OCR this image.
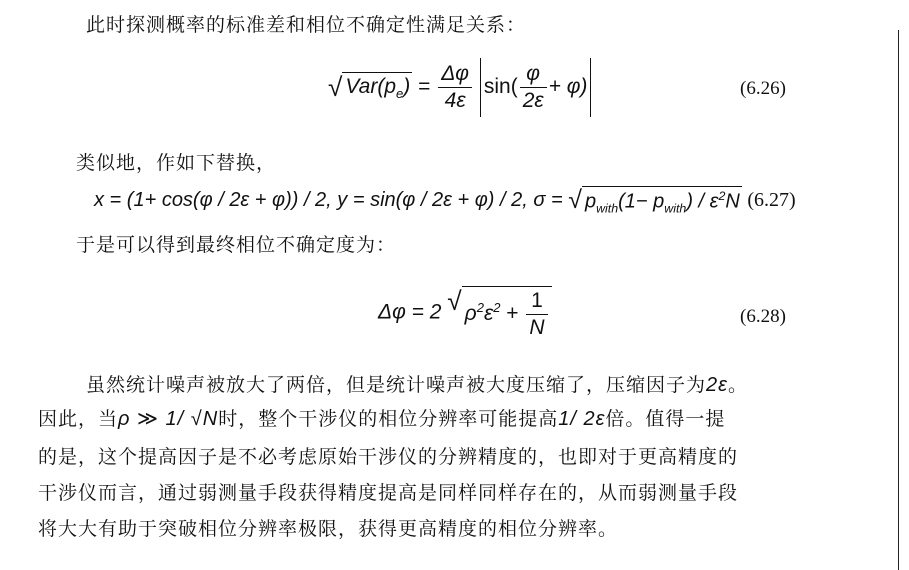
此时探测概率的标准差和相位不确定性满足关系：
√ $Var(p_e) = \frac{\Delta\varphi}{4\varepsilon} \sin( \frac{\varphi}{2\varepsilon} + \varphi)$	(6.26)
类似地，作如下替换，
x = (1+ cos(φ / 2ε + φ)) / 2, y = sin(φ / 2ε + φ) / 2, σ = √ $p_{with}(1- p_{with}) / \varepsilon^2N$ (6.27)
于是可以得到最终相位不确定度为：
Δφ = 2 √ $\rho^2\varepsilon^2 + \frac{1}{N}$	(6.28)
虽然统计噪声被放大了两倍，但是统计噪声被大度压缩了，压缩因子为2ε。
因此，当ρ ≫ 1/ √N时，整个干涉仪的相位分辨率可能提高1/ 2ε倍。值得一提
的是，这个提高因子是不必考虑原始干涉仪的分辨精度的，也即对于更高精度的
干涉仪而言，通过弱测量手段获得精度提高是同样同样存在的，从而弱测量手段
将大大有助于突破相位分辨率极限，获得更高精度的相位分辨率。
